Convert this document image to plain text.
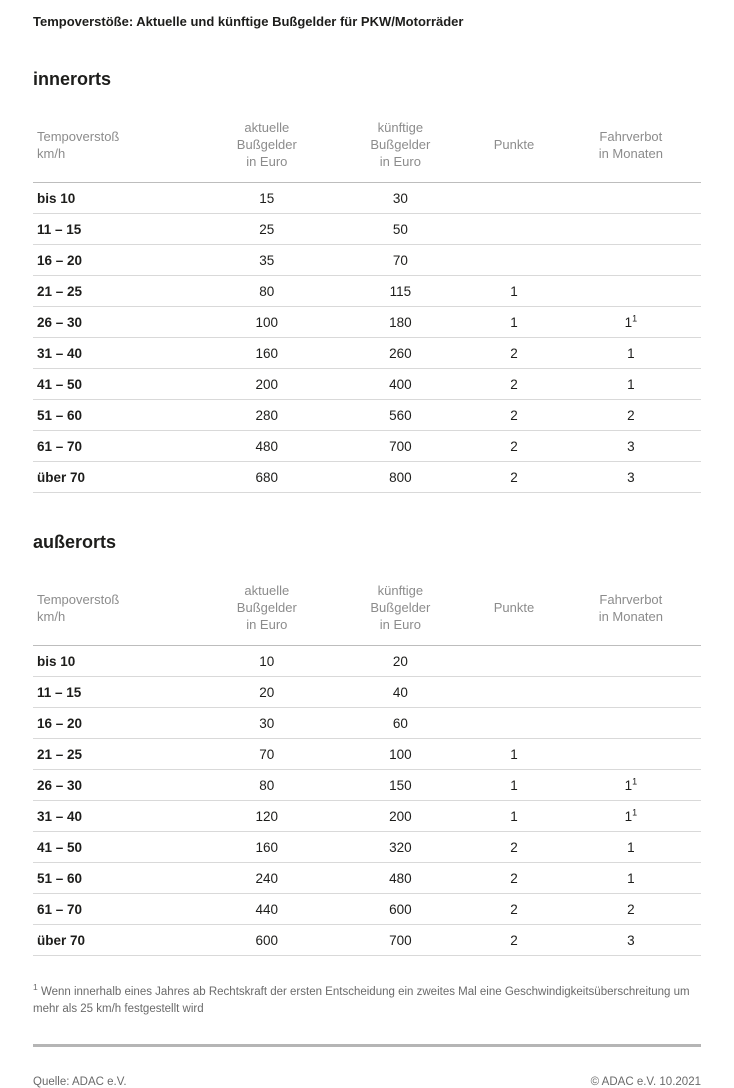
Tempoverstöße: Aktuelle und künftige Bußgelder für PKW/Motorräder
innerorts
Tempoverstoß
km/h

aktuelle
Bußgelder
in Euro

künftige
Bußgelder
in Euro

Punkte

Fahrverbot
in Monaten

bis 10	15	30		
11 – 15	25	50		
16 – 20	35	70		
21 – 25	80	115	1	
26 – 30	100	180	1	1$^1$
31 – 40	160	260	2	1
41 – 50	200	400	2	1
51 – 60	280	560	2	2
61 – 70	480	700	2	3
über 70	680	800	2	3
außerorts
Tempoverstoß
km/h

aktuelle
Bußgelder
in Euro

künftige
Bußgelder
in Euro

Punkte

Fahrverbot
in Monaten

bis 10	10	20		
11 – 15	20	40		
16 – 20	30	60		
21 – 25	70	100	1	
26 – 30	80	150	1	1$^1$
31 – 40	120	200	1	1$^1$
41 – 50	160	320	2	1
51 – 60	240	480	2	1
61 – 70	440	600	2	2
über 70	600	700	2	3

$^1$ Wenn innerhalb eines Jahres ab Rechtskraft der ersten Entscheidung ein zweites Mal eine Geschwindigkeitsüberschreitung um mehr als 25 km/h festgestellt wird

Quelle: ADAC e.V.	© ADAC e.V. 10.2021
